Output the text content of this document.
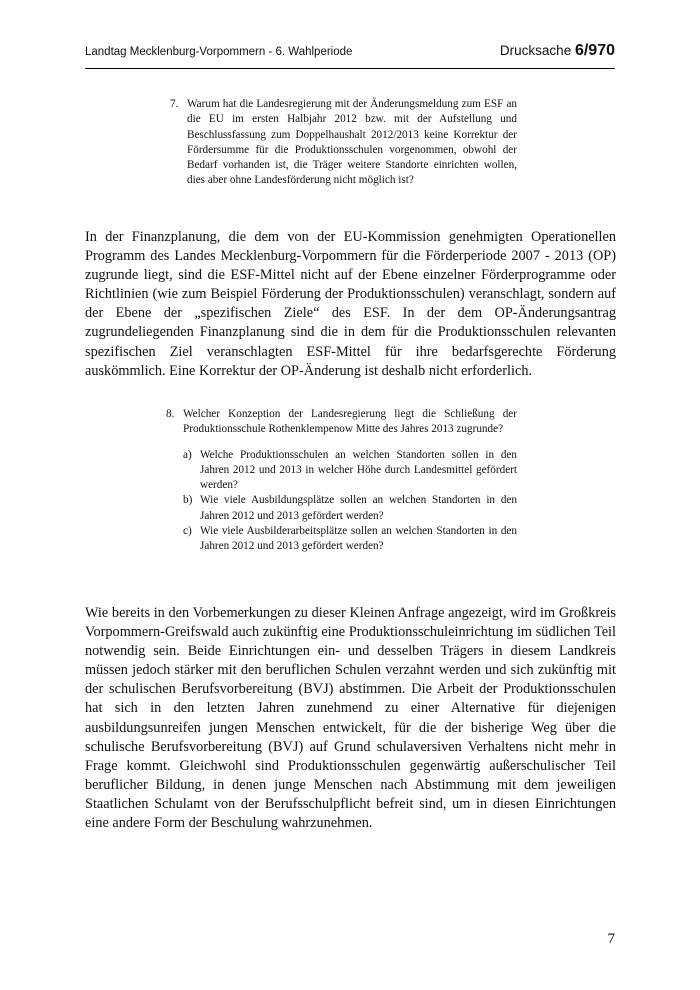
Landtag Mecklenburg-Vorpommern - 6. Wahlperiode	Drucksache 6/970
7. Warum hat die Landesregierung mit der Änderungsmeldung zum ESF an die EU im ersten Halbjahr 2012 bzw. mit der Aufstellung und Beschlussfassung zum Doppelhaushalt 2012/2013 keine Korrektur der Fördersumme für die Produktionsschulen vorgenommen, obwohl der Bedarf vorhanden ist, die Träger weitere Standorte einrichten wollen, dies aber ohne Landesförderung nicht möglich ist?
In der Finanzplanung, die dem von der EU-Kommission genehmigten Operationellen Programm des Landes Mecklenburg-Vorpommern für die Förderperiode 2007 - 2013 (OP) zugrunde liegt, sind die ESF-Mittel nicht auf der Ebene einzelner Förderprogramme oder Richtlinien (wie zum Beispiel Förderung der Produktionsschulen) veranschlagt, sondern auf der Ebene der „spezifischen Ziele“ des ESF. In der dem OP-Änderungsantrag zugrundeliegenden Finanzplanung sind die in dem für die Produktionsschulen relevanten spezifischen Ziel veranschlagten ESF-Mittel für ihre bedarfsgerechte Förderung auskömmlich. Eine Korrektur der OP-Änderung ist deshalb nicht erforderlich.
8. Welcher Konzeption der Landesregierung liegt die Schließung der Produktionsschule Rothenklempenow Mitte des Jahres 2013 zugrunde?
a) Welche Produktionsschulen an welchen Standorten sollen in den Jahren 2012 und 2013 in welcher Höhe durch Landesmittel gefördert werden?
b) Wie viele Ausbildungsplätze sollen an welchen Standorten in den Jahren 2012 und 2013 gefördert werden?
c) Wie viele Ausbilderarbeitsplätze sollen an welchen Standorten in den Jahren 2012 und 2013 gefördert werden?
Wie bereits in den Vorbemerkungen zu dieser Kleinen Anfrage angezeigt, wird im Großkreis Vorpommern-Greifswald auch zukünftig eine Produktionsschuleinrichtung im südlichen Teil notwendig sein. Beide Einrichtungen ein- und desselben Trägers in diesem Landkreis müssen jedoch stärker mit den beruflichen Schulen verzahnt werden und sich zukünftig mit der schulischen Berufsvorbereitung (BVJ) abstimmen. Die Arbeit der Produktionsschulen hat sich in den letzten Jahren zunehmend zu einer Alternative für diejenigen ausbildungsunreifen jungen Menschen entwickelt, für die der bisherige Weg über die schulische Berufsvorbereitung (BVJ) auf Grund schulaversiven Verhaltens nicht mehr in Frage kommt. Gleichwohl sind Produktionsschulen gegenwärtig außerschulischer Teil beruflicher Bildung, in denen junge Menschen nach Abstimmung mit dem jeweiligen Staatlichen Schulamt von der Berufsschulpflicht befreit sind, um in diesen Einrichtungen eine andere Form der Beschulung wahrzunehmen.
7
